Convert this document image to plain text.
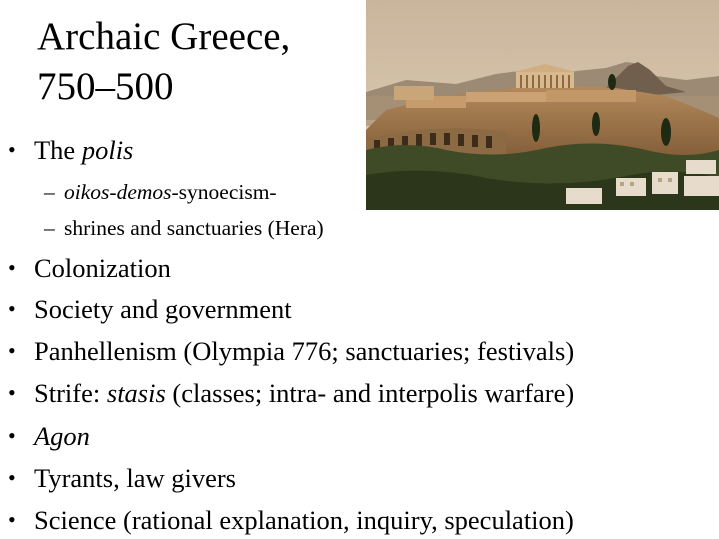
Archaic Greece,
750–500
• The polis
– oikos-demos-synoecism-
– shrines and sanctuaries (Hera)
• Colonization
• Society and government
• Panhellenism (Olympia 776; sanctuaries; festivals)
• Strife: stasis (classes; intra- and interpolis warfare)
• Agon
• Tyrants, law givers
• Science (rational explanation, inquiry, speculation)
